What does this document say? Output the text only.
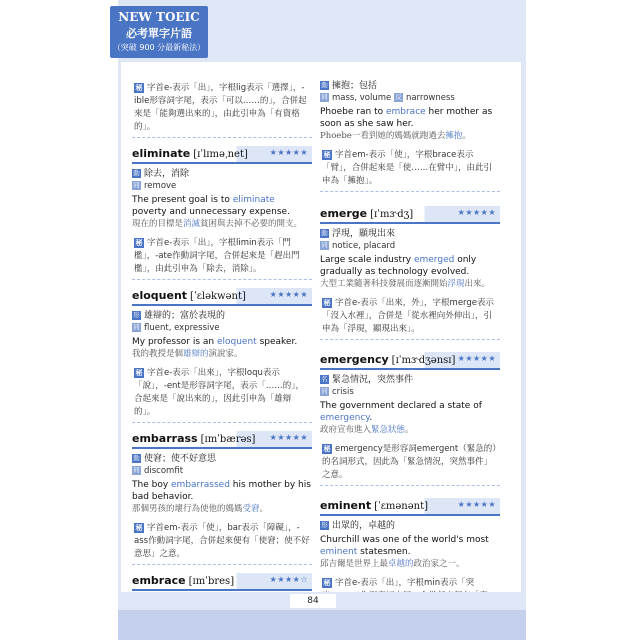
NEW TOEIC
必考單字片語
（突破 900 分最新秘法）
秘 字首e-表示「出」，字根lig表示「選擇」，-ible形容詞字尾，表示「可以……的」，合併起來是「能夠選出來的」，由此引申為「有資格的」。
eliminate [ɪˈlɪməˌnet]	★★★★★
動 除去，消除
同 remove
The present goal is to eliminate poverty and unnecessary expense.
現在的目標是消滅貧困與去掉不必要的開支。
秘 字首e-表示「出」，字根limin表示「門檻」，-ate作動詞字尾，合併起來是「趕出門檻」，由此引申為「除去，消除」。
eloquent [ˈɛləkwənt]	★★★★★
形 雄辯的；富於表現的
同 fluent, expressive
My professor is an eloquent speaker.
我的教授是個雄辯的演說家。
秘 字首e-表示「出來」，字根loqu表示「說」，-ent是形容詞字尾，表示「……的」，合起來是「說出來的」，因此引申為「雄辯的」。
embarrass [ɪmˈbærəs] ★★★★★
動 使窘；使不好意思
同 discomfit
The boy embarrassed his mother by his bad behavior.
那個男孩的壞行為使他的媽媽受窘。
秘 字首em-表示「使」，bar表示「障礙」，-ass作動詞字尾，合併起來便有「使窘；使不好意思」之意。
embrace [ɪmˈbres]	★★★★☆
動 擁抱；包括
同 mass, volume 反 narrowness
Phoebe ran to embrace her mother as soon as she saw her.
Phoebe一看到她的媽媽就跑過去擁抱。
秘 字首em-表示「使」，字根brace表示「臂」，合併起來是「使……在臂中」，由此引申為「擁抱」。
emerge [ɪˈmɝdʒ]	★★★★★
動 浮現，顯現出來
同 notice, placard
Large scale industry emerged only gradually as technology evolved.
大型工業隨著科技發展而逐漸開始浮現出來。
秘 字首e-表示「出來，外」，字根merge表示「沒入水裡」，合併是「從水裡向外伸出」，引申為「浮現，顯現出來」。
emergency [ɪˈmɝdʒənsɪ] ★★★★★
名 緊急情況，突然事件
同 crisis
The government declared a state of emergency.
政府宣布進入緊急狀態。
秘 emergency是形容詞emergent（緊急的）的名詞形式，因此為「緊急情況，突然事件」之意。
eminent [ˈɛmənənt]	★★★★★
形 出眾的，卓越的
Churchill was one of the world's most eminent statesmen.
邱吉爾是世界上最卓越的政治家之一。
秘 字首e-表示「出」，字根min表示「突
84
